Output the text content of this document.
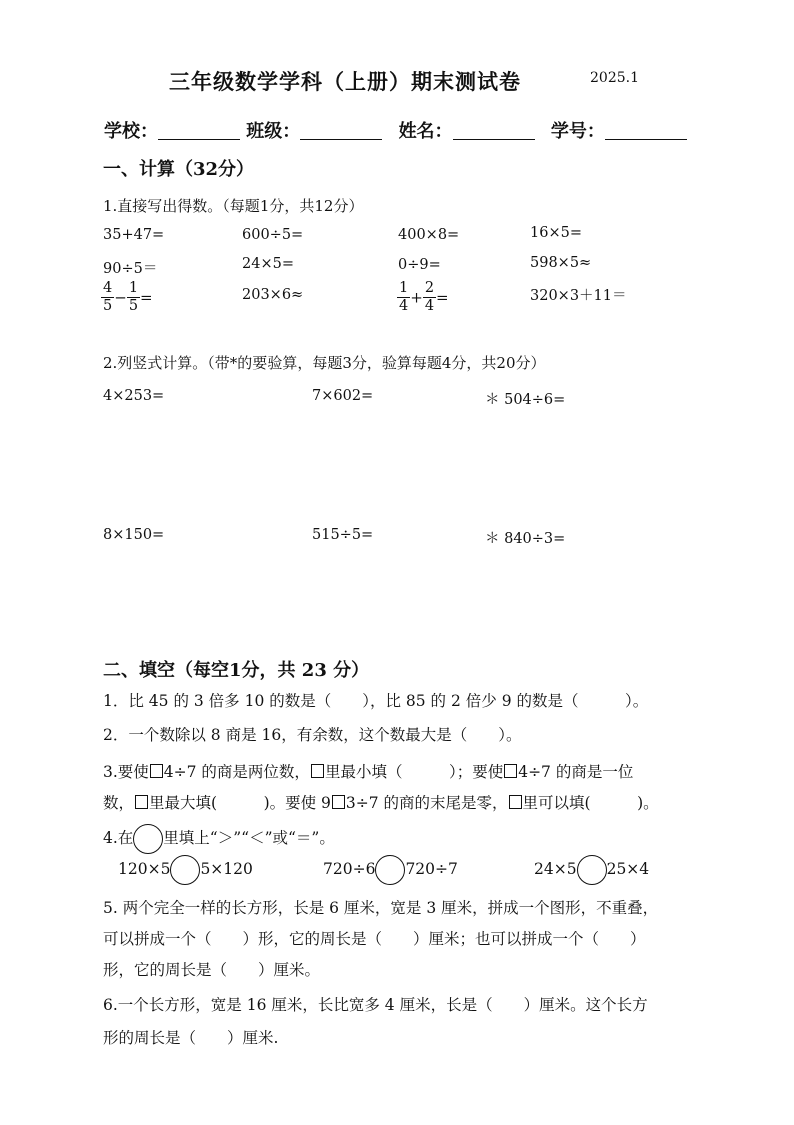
三年级数学学科（上册）期末测试卷	2025.1
学校：	班级：	姓名：	学号：
一、计算（32分）
1.直接写出得数。（每题1分，共12分）
35+47=	600÷5=	400×8=	16×5=
90÷5＝	24×5=	0÷9=	598×5≈
$\frac{4}{5} - \frac{1}{5}$ =	203×6≈	$\frac{1}{4} + \frac{2}{4}$ =	320×3＋11＝
2.列竖式计算。（带*的要验算，每题3分，验算每题4分，共20分）
4×253=	7×602=	＊ 504÷6=
8×150=	515÷5=	＊ 840÷3=
二、填空（每空1分，共 23 分）
1．比 45 的 3 倍多 10 的数是（　　），比 85 的 2 倍少 9 的数是（　　　）。
2．一个数除以 8 商是 16，有余数，这个数最大是（　　）。
3.要使 4÷7 的商是两位数， 里最小填（　　　）；要使 4÷7 的商是一位
数， 里最大填(　　　)。要使 9 3÷7 的商的末尾是零， 里可以填(　　　)。
4.在 里填上“＞”“＜”或“＝”。
120×5 5×120	720÷6 720÷7	24×5 25×4
5. 两个完全一样的长方形，长是 6 厘米，宽是 3 厘米，拼成一个图形，不重叠，
可以拼成一个（　　）形，它的周长是（　　）厘米；也可以拼成一个（　　）
形，它的周长是（　　）厘米。
6.一个长方形，宽是 16 厘米，长比宽多 4 厘米，长是（　　）厘米。这个长方
形的周长是（　　）厘米.
